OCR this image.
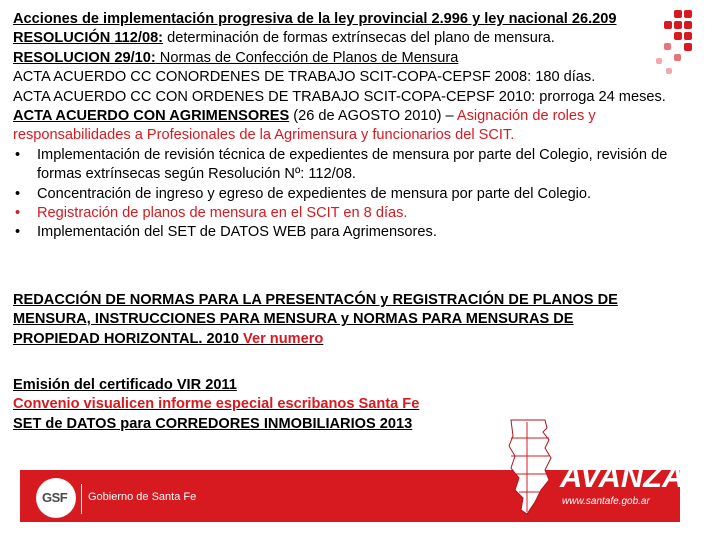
Acciones de implementación progresiva de la ley provincial 2.996 y ley nacional 26.209
RESOLUCIÓN 112/08: determinación de formas extrínsecas del plano de mensura.
RESOLUCION 29/10: Normas de Confección de Planos de Mensura
ACTA ACUERDO CC CONORDENES DE TRABAJO SCIT-COPA-CEPSF 2008: 180 días.
ACTA ACUERDO CC CON ORDENES DE TRABAJO SCIT-COPA-CEPSF 2010: prorroga 24 meses.
ACTA ACUERDO CON AGRIMENSORES (26 de AGOSTO 2010) – Asignación de roles y responsabilidades a Profesionales de la Agrimensura y funcionarios del SCIT.
• Implementación de revisión técnica de expedientes de mensura por parte del Colegio, revisión de formas extrínsecas según Resolución Nº: 112/08.
• Concentración de ingreso y egreso de expedientes de mensura por parte del Colegio.
• Registración de planos de mensura en el SCIT en 8 días.
• Implementación del SET de DATOS WEB para Agrimensores.
REDACCIÓN DE NORMAS PARA LA PRESENTACÓN y REGISTRACIÓN DE PLANOS DE MENSURA, INSTRUCCIONES PARA MENSURA y NORMAS PARA MENSURAS DE PROPIEDAD HORIZONTAL. 2010 Ver numero
Emisión del certificado VIR 2011
Convenio visualicen informe especial escribanos Santa Fe
SET de DATOS para CORREDORES INMOBILIARIOS 2013
GSF Gobierno de Santa Fe
SANTA FE
AVANZA
www.santafe.gob.ar
